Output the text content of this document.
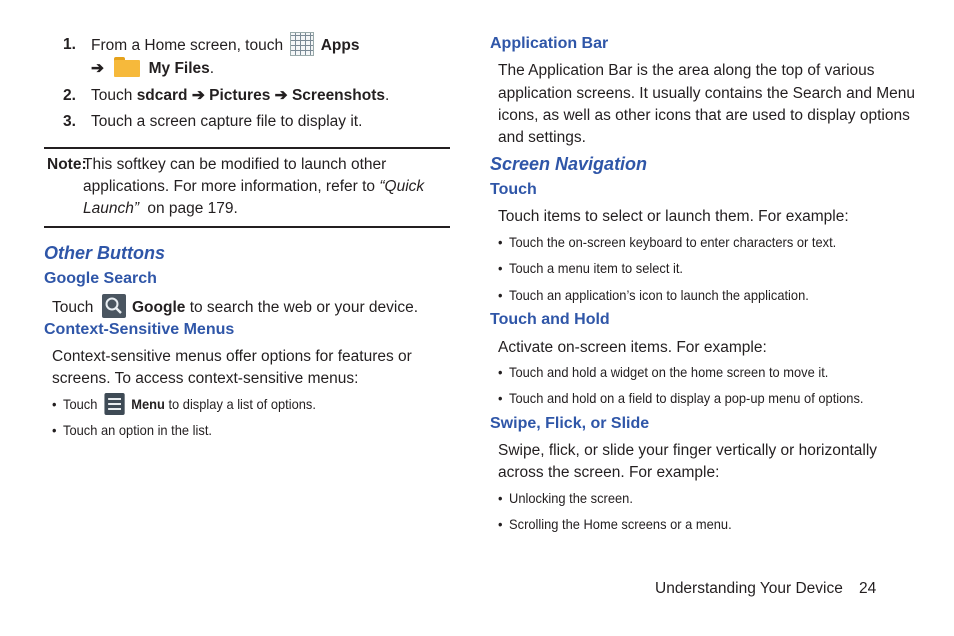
1. From a Home screen, touch Apps
➔	My Files.
2. Touch sdcard ➔ Pictures ➔ Screenshots.
3. Touch a screen capture file to display it.
Note:
This softkey can be modified to launch other
applications. For more information, refer to “Quick
Launch” on page 179.
Other Buttons
Google Search
Touch Google to search the web or your device.
Context-Sensitive Menus
Context-sensitive menus offer options for features or
screens. To access context-sensitive menus:
• Touch Menu to display a list of options.
• Touch an option in the list.
Application Bar
The Application Bar is the area along the top of various
application screens. It usually contains the Search and Menu
icons, as well as other icons that are used to display options
and settings.
Screen Navigation
Touch
Touch items to select or launch them. For example:
• Touch the on-screen keyboard to enter characters or text.
• Touch a menu item to select it.
• Touch an application’s icon to launch the application.
Touch and Hold
Activate on-screen items. For example:
• Touch and hold a widget on the home screen to move it.
• Touch and hold on a field to display a pop-up menu of options.
Swipe, Flick, or Slide
Swipe, flick, or slide your finger vertically or horizontally
across the screen. For example:
• Unlocking the screen.
• Scrolling the Home screens or a menu.
Understanding Your Device 24
